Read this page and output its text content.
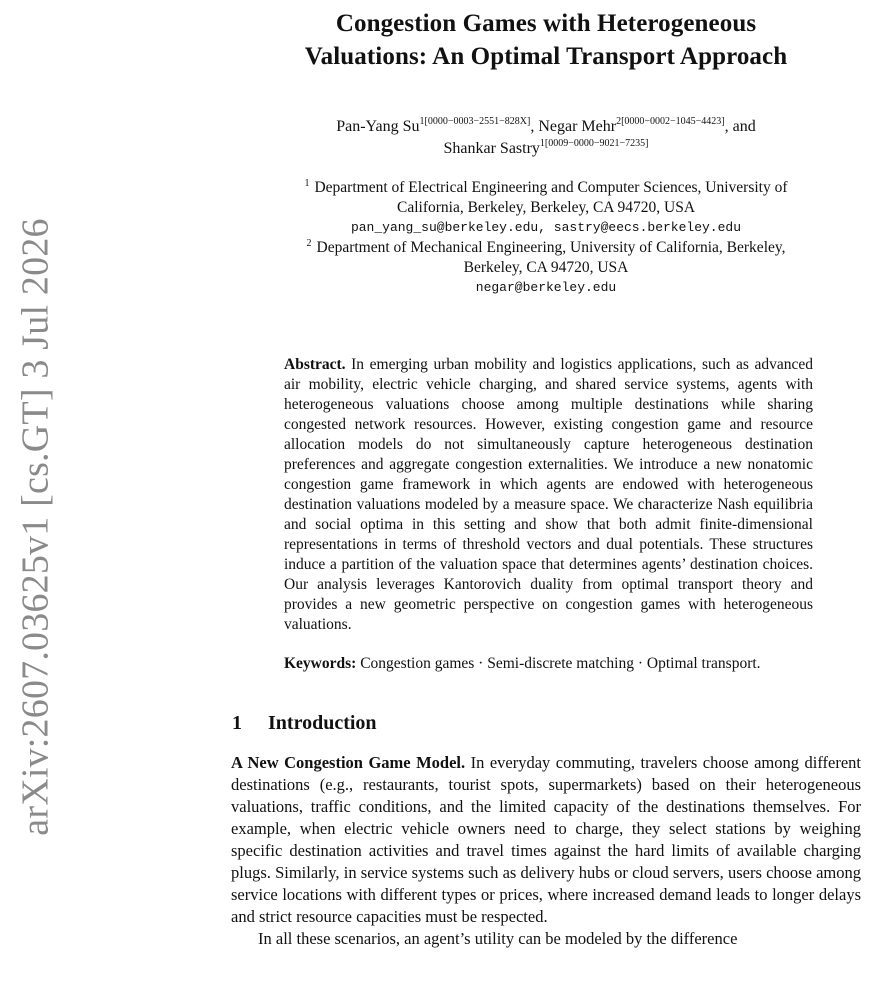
arXiv:2607.03625v1 [cs.GT] 3 Jul 2026
Congestion Games with Heterogeneous
Valuations: An Optimal Transport Approach
Pan-Yang $Su^{1[0000-0003-2551-828X]}$, Negar Mehr$^{2[0000-0002-1045-4423]}$, and
Shankar Sastry$^{1[0009-0000-9021-7235]}$
$^1$ Department of Electrical Engineering and Computer Sciences, University of
California, Berkeley, Berkeley, CA 94720, USA
pan_yang_su@berkeley.edu, sastry@eecs.berkeley.edu
$^2$ Department of Mechanical Engineering, University of California, Berkeley,
Berkeley, CA 94720, USA
negar@berkeley.edu
Abstract. In emerging urban mobility and logistics applications, such as advanced air mobility, electric vehicle charging, and shared service systems, agents with heterogeneous valuations choose among multiple destinations while sharing congested network resources. However, existing congestion game and resource allocation models do not simultaneously capture heterogeneous destination preferences and aggregate congestion externalities. We introduce a new nonatomic congestion game framework in which agents are endowed with heterogeneous destination valuations modeled by a measure space. We characterize Nash equilibria and social optima in this setting and show that both admit finite-dimensional representations in terms of threshold vectors and dual potentials. These structures induce a partition of the valuation space that determines agents’ destination choices. Our analysis leverages Kantorovich duality from optimal transport theory and provides a new geometric perspective on congestion games with heterogeneous valuations.
Keywords: Congestion games · Semi-discrete matching · Optimal transport.
1 Introduction

A New Congestion Game Model. In everyday commuting, travelers choose among different destinations (e.g., restaurants, tourist spots, supermarkets) based on their heterogeneous valuations, traffic conditions, and the limited capacity of the destinations themselves. For example, when electric vehicle owners need to charge, they select stations by weighing specific destination activities and travel times against the hard limits of available charging plugs. Similarly, in service systems such as delivery hubs or cloud servers, users choose among service locations with different types or prices, where increased demand leads to longer delays and strict resource capacities must be respected.

In all these scenarios, an agent’s utility can be modeled by the difference
